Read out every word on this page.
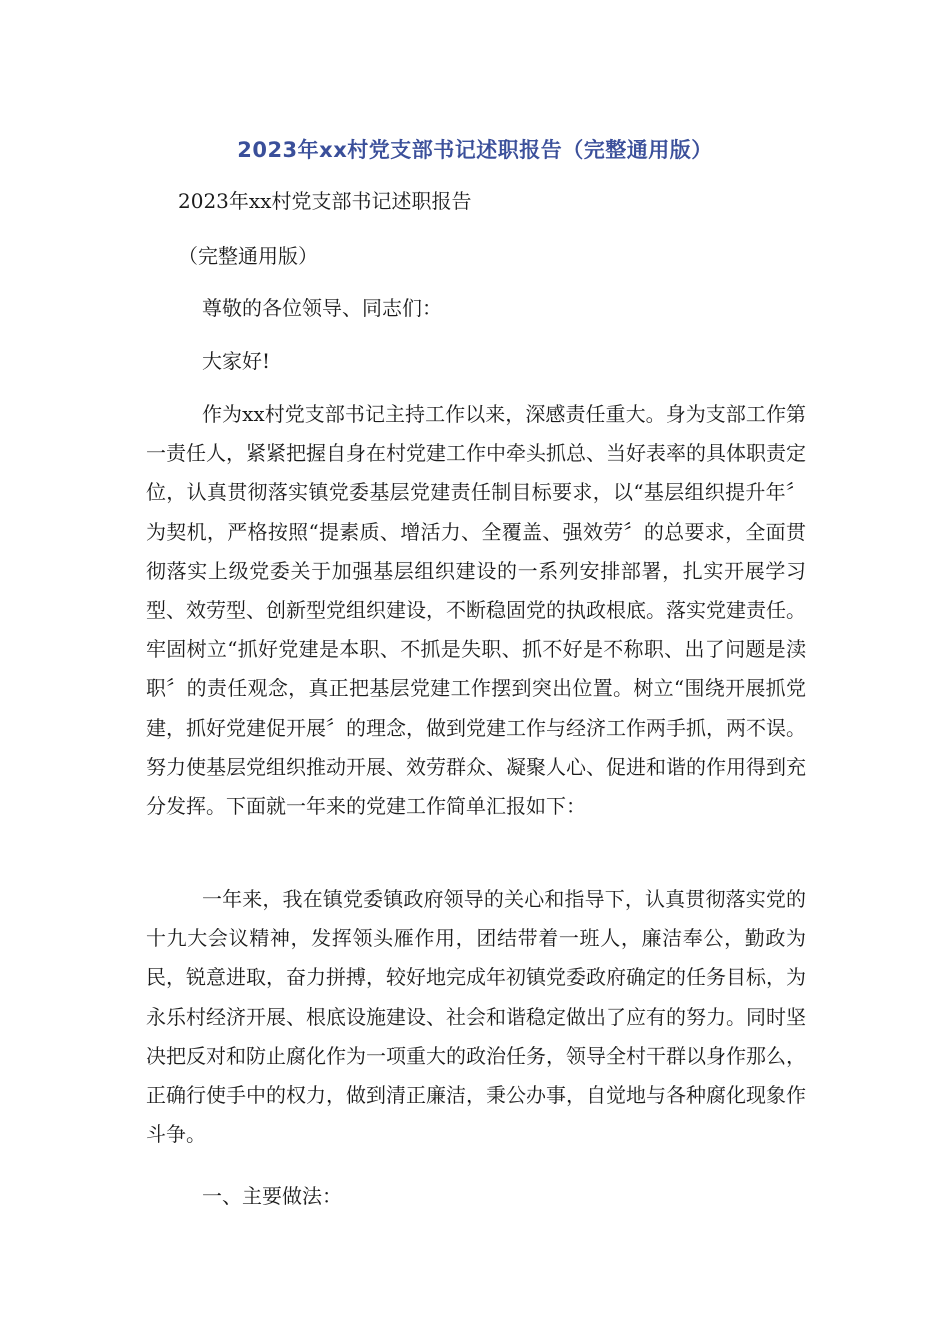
2023年xx村党支部书记述职报告（完整通用版）
2023年xx村党支部书记述职报告
（完整通用版）
尊敬的各位领导、同志们：
大家好!

作为xx村党支部书记主持工作以来，深感责任重大。身为支部工作第一责任人，紧紧把握自身在村党建工作中牵头抓总、当好表率的具体职责定位，认真贯彻落实镇党委基层党建责任制目标要求，以“基层组织提升年〞为契机，严格按照“提素质、增活力、全覆盖、强效劳〞的总要求，全面贯彻落实上级党委关于加强基层组织建设的一系列安排部署，扎实开展学习型、效劳型、创新型党组织建设，不断稳固党的执政根底。落实党建责任。牢固树立“抓好党建是本职、不抓是失职、抓不好是不称职、出了问题是渎职〞的责任观念，真正把基层党建工作摆到突出位置。树立“围绕开展抓党建，抓好党建促开展〞的理念，做到党建工作与经济工作两手抓，两不误。努力使基层党组织推动开展、效劳群众、凝聚人心、促进和谐的作用得到充分发挥。下面就一年来的党建工作简单汇报如下：

一年来，我在镇党委镇政府领导的关心和指导下，认真贯彻落实党的十九大会议精神，发挥领头雁作用，团结带着一班人，廉洁奉公，勤政为民，锐意进取，奋力拼搏，较好地完成年初镇党委政府确定的任务目标，为永乐村经济开展、根底设施建设、社会和谐稳定做出了应有的努力。同时坚决把反对和防止腐化作为一项重大的政治任务，领导全村干群以身作那么，正确行使手中的权力，做到清正廉洁，秉公办事，自觉地与各种腐化现象作斗争。

一、主要做法：
